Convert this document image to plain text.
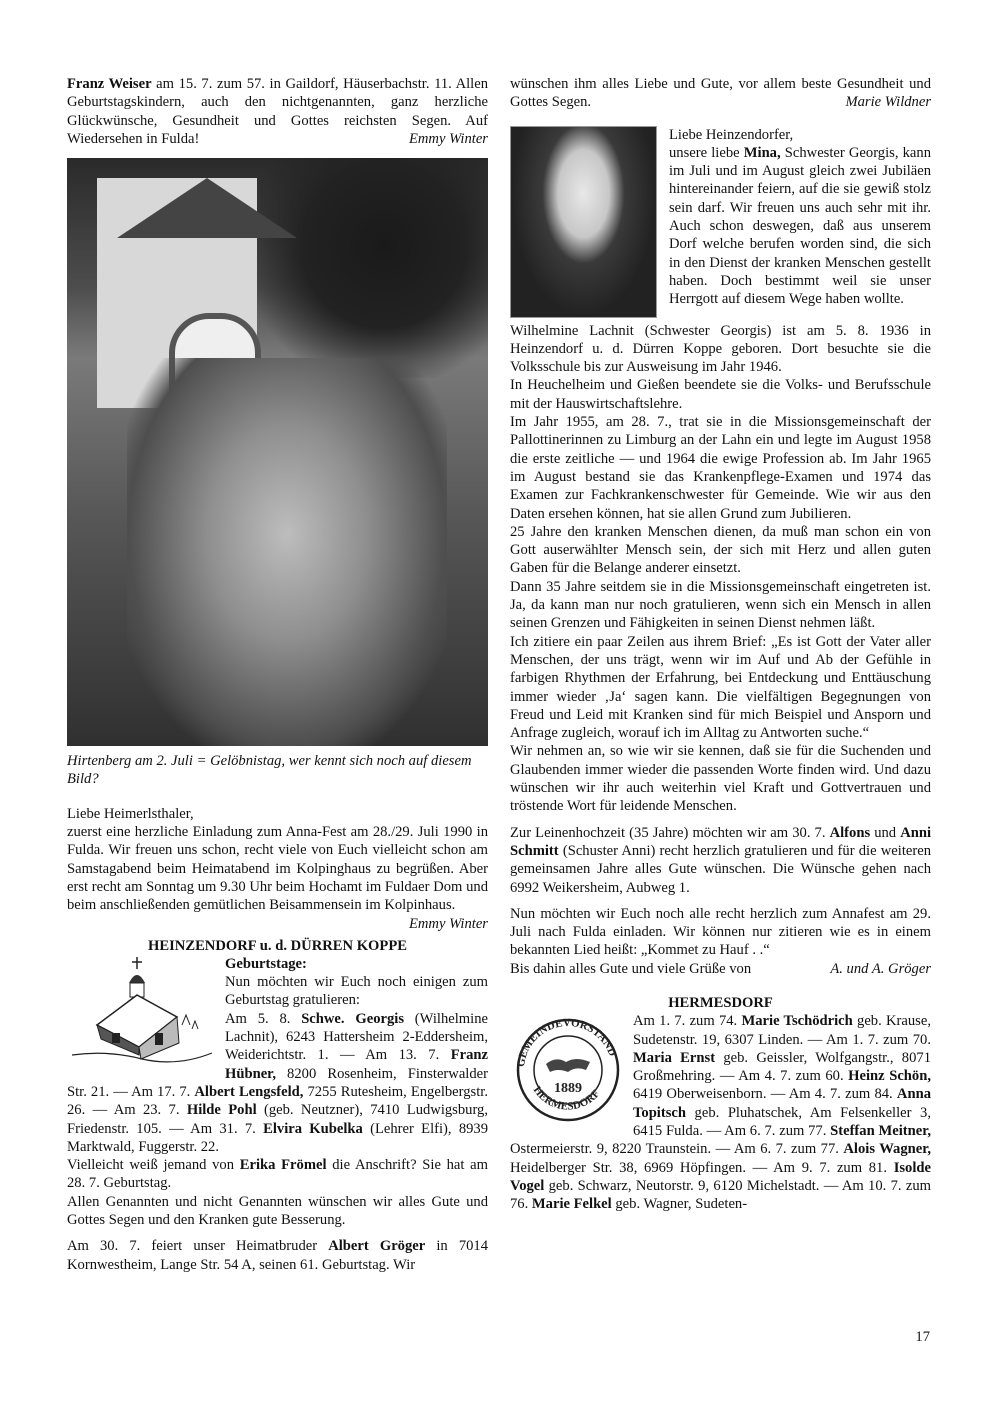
Franz Weiser am 15. 7. zum 57. in Gaildorf, Häuserbachstr. 11. Allen Geburtstagskindern, auch den nichtgenannten, ganz herzliche Glückwünsche, Gesundheit und Gottes reichsten Segen. Auf Wiedersehen in Fulda!	Emmy Winter

Hirtenberg am 2. Juli = Gelöbnistag, wer kennt sich noch auf diesem Bild?

Liebe Heimerlsthaler,

zuerst eine herzliche Einladung zum Anna-Fest am 28./29. Juli 1990 in Fulda. Wir freuen uns schon, recht viele von Euch vielleicht schon am Samstagabend beim Heimatabend im Kolpinghaus zu begrüßen. Aber erst recht am Sonntag um 9.30 Uhr beim Hochamt im Fuldaer Dom und beim anschließenden gemütlichen Beisammensein im Kolpinhaus.
Emmy Winter

HEINZENDORF u. d. DÜRREN KOPPE

Geburtstage:

Nun möchten wir Euch noch einigen zum Geburtstag gratulieren:

Am 5. 8. Schwe. Georgis (Wilhelmine Lachnit), 6243 Hattersheim 2-Eddersheim, Weiderichtstr. 1. — Am 13. 7. Franz Hübner, 8200 Rosenheim, Finsterwalder Str. 21. — Am 17. 7. Albert Lengsfeld, 7255 Rutesheim, Engelbergstr. 26. — Am 23. 7. Hilde Pohl (geb. Neutzner), 7410 Ludwigsburg, Friedenstr. 105. — Am 31. 7. Elvira Kubelka (Lehrer Elfi), 8939 Marktwald, Fuggerstr. 22.

Vielleicht weiß jemand von Erika Frömel die Anschrift? Sie hat am 28. 7. Geburtstag.

Allen Genannten und nicht Genannten wünschen wir alles Gute und Gottes Segen und den Kranken gute Besserung.

Am 30. 7. feiert unser Heimatbruder Albert Gröger in 7014 Kornwestheim, Lange Str. 54 A, seinen 61. Geburtstag. Wir

wünschen ihm alles Liebe und Gute, vor allem beste Gesundheit und Gottes Segen.	Marie Wildner

Liebe Heinzendorfer,

unsere liebe Mina, Schwester Georgis, kann im Juli und im August gleich zwei Jubiläen hintereinander feiern, auf die sie gewiß stolz sein darf. Wir freuen uns auch sehr mit ihr. Auch schon deswegen, daß aus unserem Dorf welche berufen worden sind, die sich in den Dienst der kranken Menschen gestellt haben. Doch bestimmt weil sie unser Herrgott auf diesem Wege haben wollte.

Wilhelmine Lachnit (Schwester Georgis) ist am 5. 8. 1936 in Heinzendorf u. d. Dürren Koppe geboren. Dort besuchte sie die Volksschule bis zur Ausweisung im Jahr 1946.

In Heuchelheim und Gießen beendete sie die Volks- und Berufsschule mit der Hauswirtschaftslehre.

Im Jahr 1955, am 28. 7., trat sie in die Missionsgemeinschaft der Pallottinerinnen zu Limburg an der Lahn ein und legte im August 1958 die erste zeitliche — und 1964 die ewige Profession ab. Im Jahr 1965 im August bestand sie das Krankenpflege-Examen und 1974 das Examen zur Fachkrankenschwester für Gemeinde. Wie wir aus den Daten ersehen können, hat sie allen Grund zum Jubilieren.

25 Jahre den kranken Menschen dienen, da muß man schon ein von Gott auserwählter Mensch sein, der sich mit Herz und allen guten Gaben für die Belange anderer einsetzt.

Dann 35 Jahre seitdem sie in die Missionsgemeinschaft eingetreten ist. Ja, da kann man nur noch gratulieren, wenn sich ein Mensch in allen seinen Grenzen und Fähigkeiten in seinen Dienst nehmen läßt.

Ich zitiere ein paar Zeilen aus ihrem Brief: „Es ist Gott der Vater aller Menschen, der uns trägt, wenn wir im Auf und Ab der Gefühle in farbigen Rhythmen der Erfahrung, bei Entdeckung und Enttäuschung immer wieder ‚Ja‘ sagen kann. Die vielfältigen Begegnungen von Freud und Leid mit Kranken sind für mich Beispiel und Ansporn und Anfrage zugleich, worauf ich im Alltag zu Antworten suche.“

Wir nehmen an, so wie wir sie kennen, daß sie für die Suchenden und Glaubenden immer wieder die passenden Worte finden wird. Und dazu wünschen wir ihr auch weiterhin viel Kraft und Gottvertrauen und tröstende Wort für leidende Menschen.

Zur Leinenhochzeit (35 Jahre) möchten wir am 30. 7. Alfons und Anni Schmitt (Schuster Anni) recht herzlich gratulieren und für die weiteren gemeinsamen Jahre alles Gute wünschen. Die Wünsche gehen nach 6992 Weikersheim, Aubweg 1.

Nun möchten wir Euch noch alle recht herzlich zum Annafest am 29. Juli nach Fulda einladen. Wir können nur zitieren wie es in einem bekannten Lied heißt: „Kommet zu Hauf . .“

Bis dahin alles Gute und viele Grüße von	A. und A. Gröger

HERMESDORF

GEMEINDEVORSTAND
HERMESDORF
1889

Am 1. 7. zum 74. Marie Tschödrich geb. Krause, Sudetenstr. 19, 6307 Linden. — Am 1. 7. zum 70. Maria Ernst geb. Geissler, Wolfgangstr., 8071 Großmehring. — Am 4. 7. zum 60. Heinz Schön, 6419 Oberweisenborn. — Am 4. 7. zum 84. Anna Topitsch geb. Pluhatschek, Am Felsenkeller 3, 6415 Fulda. — Am 6. 7. zum 77. Steffan Meitner, Ostermeierstr. 9, 8220 Traunstein. — Am 6. 7. zum 77. Alois Wagner, Heidelberger Str. 38, 6969 Höpfingen. — Am 9. 7. zum 81. Isolde Vogel geb. Schwarz, Neutorstr. 9, 6120 Michelstadt. — Am 10. 7. zum 76. Marie Felkel geb. Wagner, Sudeten-

17
